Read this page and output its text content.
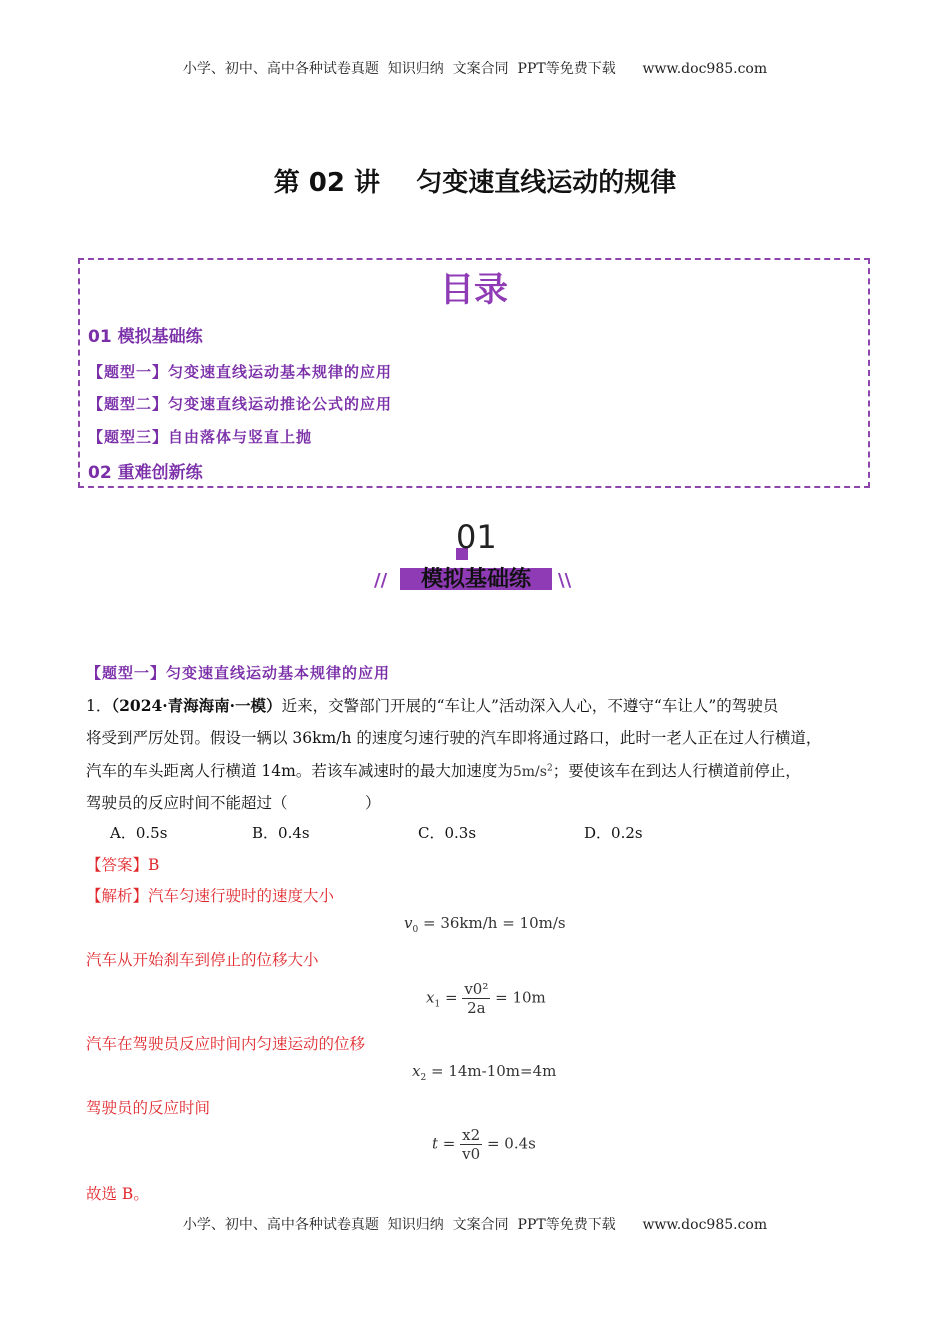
小学、初中、高中各种试卷真题  知识归纳  文案合同  PPT等免费下载      www.doc985.com
第 02 讲    匀变速直线运动的规律
目录
01 模拟基础练
【题型一】匀变速直线运动基本规律的应用
【题型二】匀变速直线运动推论公式的应用
【题型三】自由落体与竖直上抛
02 重难创新练
01
//	模拟基础练	\\
【题型一】匀变速直线运动基本规律的应用
1．（2024·青海海南·一模）近来，交警部门开展的“车让人”活动深入人心，不遵守“车让人”的驾驶员
将受到严厉处罚。假设一辆以 36km/h 的速度匀速行驶的汽车即将通过路口，此时一老人正在过人行横道，
汽车的车头距离人行横道 14m。若该车减速时的最大加速度为$5m/s^2$；要使该车在到达人行横道前停止，
驾驶员的反应时间不能超过（　　　　　）
A．0.5s	B．0.4s	C．0.3s	D．0.2s
【答案】B
【解析】汽车匀速行驶时的速度大小
$v_0 = 36km/h = 10m/s$
汽车从开始刹车到停止的位移大小
$x_1 = \frac{\text{v0²}}{2a} = 10m$
汽车在驾驶员反应时间内匀速运动的位移
$x_2 = 14m-10m=4m$
驾驶员的反应时间
$t = \frac{x2}{v0} = 0.4s$
故选 B。
小学、初中、高中各种试卷真题  知识归纳  文案合同  PPT等免费下载      www.doc985.com
